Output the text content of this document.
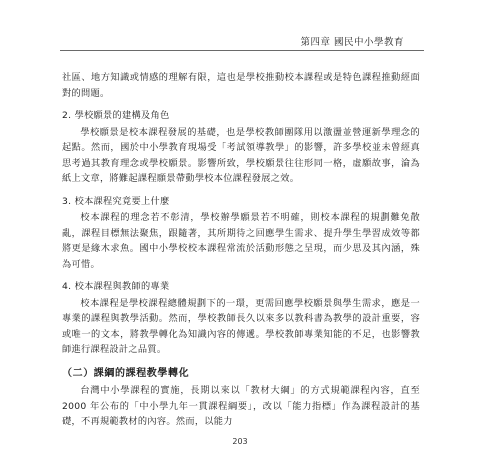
第四章 國民中小學教育

社區、地方知識或情感的理解有限，這也是學校推動校本課程或是特色課程推動經面對的問題。

2. 學校願景的建構及角色

學校願景是校本課程發展的基礎，也是學校教師團隊用以激盪並營運新學理念的起點。然而，國於中小學教育現場受「考試領導教學」的影響，許多學校並未曾經真思考過其教育理念或學校願景。影響所致，學校願景往往形同一格，虛願故事，淪為紙上文章，將難起課程願景帶動學校本位課程發展之效。

3. 校本課程究竟要上什麼

校本課程的理念若不彰清，學校辦學願景若不明確，則校本課程的規劃難免散亂，課程目標無法聚焦，跟隨著，其所期待之回應學生需求、提升學生學習成效等都將更是緣木求魚。國中小學校校本課程常流於活動形態之呈現，而少思及其內涵，殊為可惜。

4. 校本課程與教師的專業

校本課程是學校課程總體規劃下的一環，更需回應學校願景與學生需求，應是一專業的課程與教學活動。然而，學校教師長久以來多以教科書為教學的設計重要，容或唯一的文本，將教學轉化為知識內容的傳遞。學校教師專業知能的不足，也影響教師進行課程設計之品質。

（二）課綱的課程教學轉化

台灣中小學課程的實施，長期以來以「教材大綱」的方式規範課程內容，直至 2000 年公布的「中小學九年一貫課程綱要」，改以「能力指標」作為課程設計的基礎，不再規範教材的內容。然而，以能力

203
